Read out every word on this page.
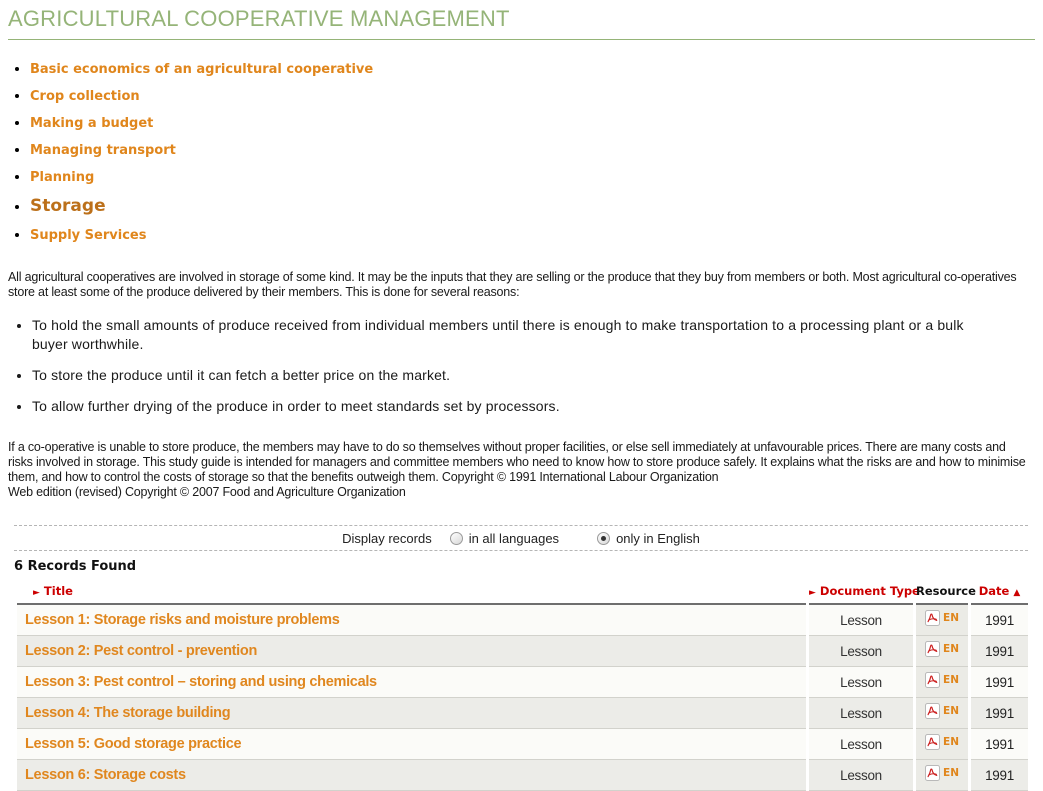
AGRICULTURAL COOPERATIVE MANAGEMENT
• Basic economics of an agricultural cooperative
• Crop collection
• Making a budget
• Managing transport
• Planning
• Storage
• Supply Services

All agricultural cooperatives are involved in storage of some kind. It may be the inputs that they are selling or the produce that they buy from members or both. Most agricultural co-operatives store at least some of the produce delivered by their members. This is done for several reasons:

• To hold the small amounts of produce received from individual members until there is enough to make transportation to a processing plant or a bulk buyer worthwhile.
• To store the produce until it can fetch a better price on the market.
• To allow further drying of the produce in order to meet standards set by processors.

If a co-operative is unable to store produce, the members may have to do so themselves without proper facilities, or else sell immediately at unfavourable prices. There are many costs and risks involved in storage. This study guide is intended for managers and committee members who need to know how to store produce safely. It explains what the risks are and how to minimise them, and how to control the costs of storage so that the benefits outweigh them. Copyright © 1991 International Labour Organization

Web edition (revised) Copyright © 2007 Food and Agriculture Organization

Display records	in all languages	only in English
6 Records Found
► Title	► Document Type	Resource	Date ▲
Lesson 1: Storage risks and moisture problems	Lesson	EN	1991
Lesson 2: Pest control - prevention	Lesson	EN	1991
Lesson 3: Pest control – storing and using chemicals	Lesson	EN	1991
Lesson 4: The storage building	Lesson	EN	1991
Lesson 5: Good storage practice	Lesson	EN	1991
Lesson 6: Storage costs	Lesson	EN	1991
